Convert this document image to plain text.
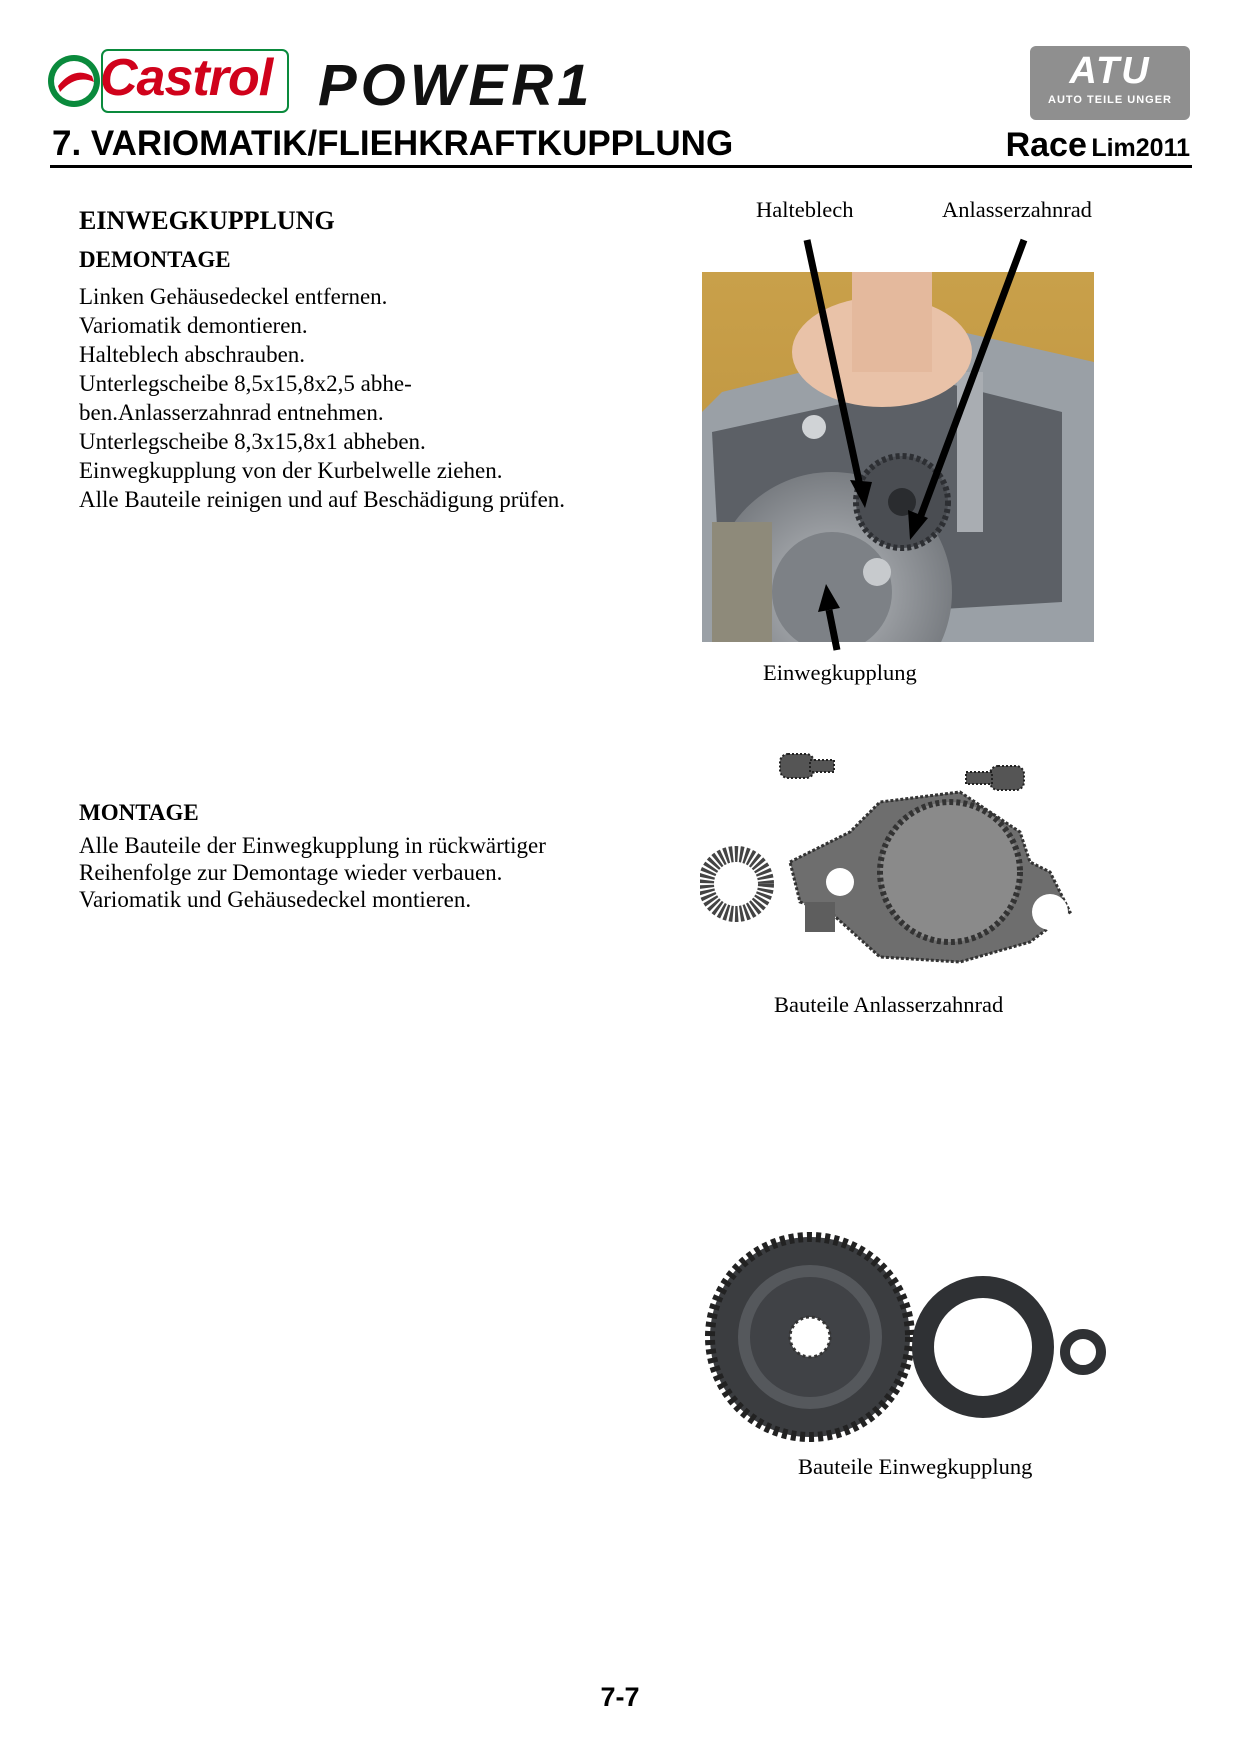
Castrol POWER1	ATU
AUTO TEILE UNGER
7. VARIOMATIK/FLIEHKRAFTKUPPLUNG	Race Lim2011
EINWEGKUPPLUNG
DEMONTAGE
Linken Gehäusedeckel entfernen.
Variomatik demontieren.
Halteblech abschrauben.
Unterlegscheibe 8,5x15,8x2,5 abhe-
ben.Anlasserzahnrad entnehmen.
Unterlegscheibe 8,3x15,8x1 abheben.
Einwegkupplung von der Kurbelwelle ziehen.
Alle Bauteile reinigen und auf Beschädigung prüfen.
MONTAGE
Alle Bauteile der Einwegkupplung in rückwärtiger
Reihenfolge zur Demontage wieder verbauen.
Variomatik und Gehäusedeckel montieren.
Halteblech	Anlasserzahnrad
Einwegkupplung
Bauteile Anlasserzahnrad
Bauteile Einwegkupplung
7-7
